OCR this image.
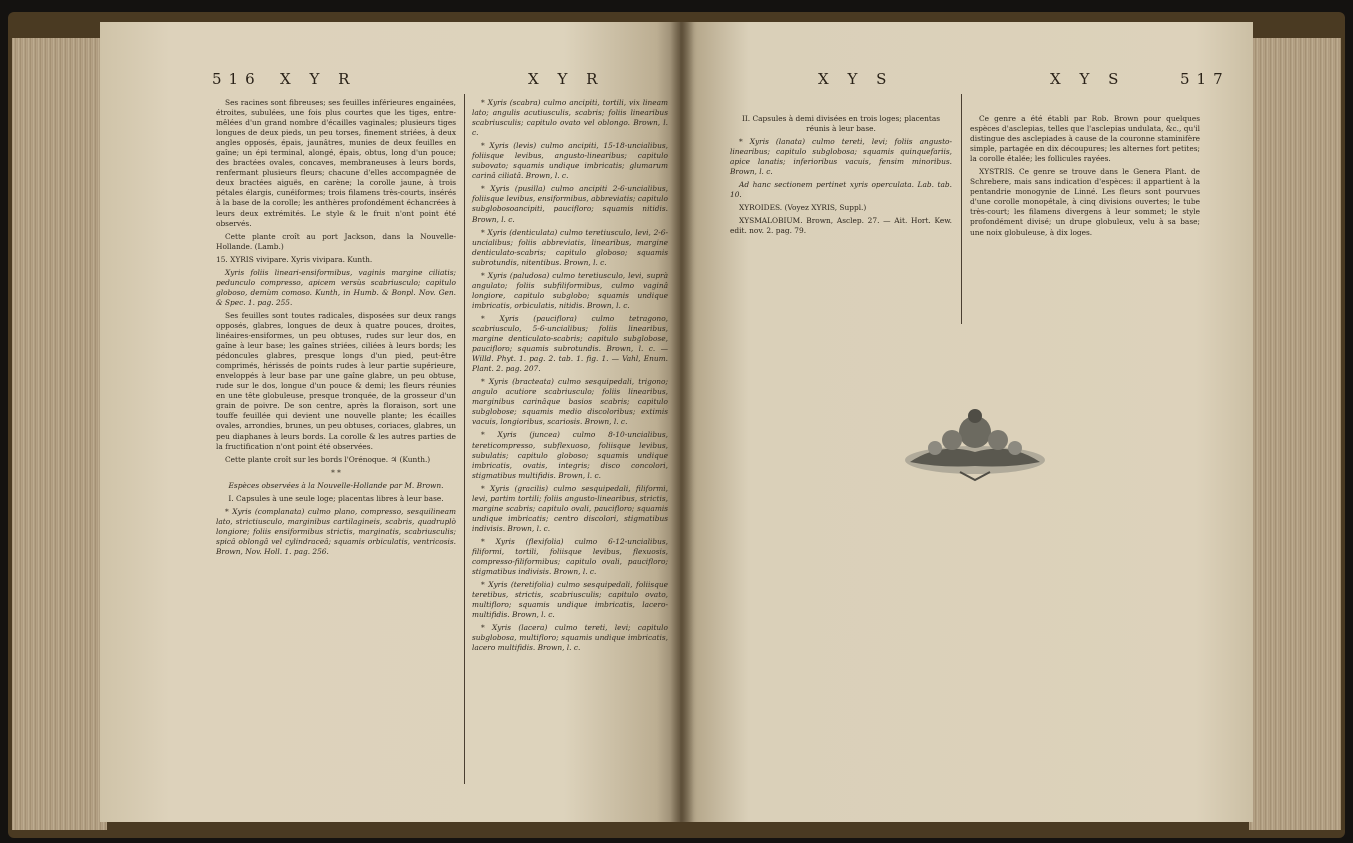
516 X Y R	X Y R

Ses racines sont fibreuses; ses feuilles inférieures engainées, étroites, subulées, une fois plus courtes que les tiges, entre-mêlées d'un grand nombre d'écailles vaginales; plusieurs tiges longues de deux pieds, un peu torses, finement striées, à deux angles opposés, épais, jaunâtres, munies de deux feuilles en gaîne; un épi terminal, alongé, épais, obtus, long d'un pouce; des bractées ovales, concaves, membraneuses à leurs bords, renfermant plusieurs fleurs; chacune d'elles accompagnée de deux bractées aiguës, en carène; la corolle jaune, à trois pétales élargis, cunéiformes; trois filamens très-courts, insérés à la base de la corolle; les anthères profondément échancrées à leurs deux extrémités. Le style & le fruit n'ont point été observés.

Cette plante croît au port Jackson, dans la Nouvelle-Hollande. (Lamb.)

15. XYRIS vivipare. Xyris vivipara. Kunth.

Xyris foliis lineari-ensiformibus, vaginis margine ciliatis; pedunculo compresso, apicem versùs scabriusculo; capitulo globoso, demùm comoso. Kunth, in Humb. & Bonpl. Nov. Gen. & Spec. 1. pag. 255.

Ses feuilles sont toutes radicales, disposées sur deux rangs opposés, glabres, longues de deux à quatre pouces, droites, linéaires-ensiformes, un peu obtuses, rudes sur leur dos, en gaîne à leur base; les gaînes striées, ciliées à leurs bords; les pédoncules glabres, presque longs d'un pied, peut-être comprimés, hérissés de points rudes à leur partie supérieure, enveloppés à leur base par une gaîne glabre, un peu obtuse, rude sur le dos, longue d'un pouce & demi; les fleurs réunies en une tête globuleuse, presque tronquée, de la grosseur d'un grain de poivre. De son centre, après la floraison, sort une touffe feuillée qui devient une nouvelle plante; les écailles ovales, arrondies, brunes, un peu obtuses, coriaces, glabres, un peu diaphanes à leurs bords. La corolle & les autres parties de la fructification n'ont point été observées.

Cette plante croît sur les bords l'Orénoque. ♃ (Kunth.)

* *

Espèces observées à la Nouvelle-Hollande par M. Brown.

I. Capsules à une seule loge; placentas libres à leur base.

* Xyris (complanata) culmo plano, compresso, sesquilineam lato, strictiusculo, marginibus cartilagineis, scabris, quadruplò longiore; foliis ensiformibus strictis, marginatis, scabriusculis; spicâ oblongâ vel cylindraceâ; squamis orbiculatis, ventricosis. Brown, Nov. Holl. 1. pag. 256.

* Xyris (scabra) culmo ancipiti, tortili, vix lineam lato; angulis acutiusculis, scabris; foliis linearibus scabriusculis; capitulo ovato vel oblongo. Brown, l. c.

* Xyris (levis) culmo ancipiti, 15-18-uncialibus, foliisque levibus, angusto-linearibus; capitulo subovato; squamis undique imbricatis; glumarum carinâ ciliatâ. Brown, l. c.

* Xyris (pusilla) culmo ancipiti 2-6-uncialibus, foliisque levibus, ensiformibus, abbreviatis; capitulo subglobosoancipiti, paucifloro; squamis nitidis. Brown, l. c.

* Xyris (denticulata) culmo teretiusculo, levi, 2-6-uncialibus; foliis abbreviatis, linearibus, margine denticulato-scabris; capitulo globoso; squamis subrotundis, nitentibus. Brown, l. c.

* Xyris (paludosa) culmo teretiusculo, levi, suprà angulato; foliis subfiliformibus, culmo vaginâ longiore, capitulo subglobo; squamis undique imbricatis, orbiculatis, nitidis. Brown, l. c.

* Xyris (pauciflora) culmo tetragono, scabriusculo, 5-6-uncialibus; foliis linearibus, margine denticulato-scabris; capitulo subglobose, paucifloro; squamis subrotundis. Brown, l. c. — Willd. Phyt. 1. pag. 2. tab. 1. fig. 1. — Vahl, Enum. Plant. 2. pag. 207.

* Xyris (bracteata) culmo sesquipedali, trigono; angulo acutiore scabriusculo; foliis linearibus, marginibus carinâque basios scabris; capitulo subglobose; squamis medio discoloribus; extimis vacuis, longioribus, scariosis. Brown, l. c.

* Xyris (juncea) culmo 8-10-uncialibus, tereticompresso, subflexuoso, foliisque levibus, subulatis; capitulo globoso; squamis undique imbricatis, ovatis, integris; disco concolori, stigmatibus multifidis. Brown, l. c.

* Xyris (gracilis) culmo sesquipedali, filiformi, levi, partim tortili; foliis angusto-linearibus, strictis, margine scabris; capitulo ovali, paucifloro; squamis undique imbricatis; centro discolori, stigmatibus indivisis. Brown, l. c.

* Xyris (flexifolia) culmo 6-12-uncialibus, filiformi, tortili, foliisque levibus, flexuosis, compresso-filiformibus; capitulo ovali, paucifloro; stigmatibus indivisis. Brown, l. c.

* Xyris (teretifolia) culmo sesquipedali, foliisque teretibus, strictis, scabriusculis; capitulo ovato, multifloro; squamis undique imbricatis, lacero-multifidis. Brown, l. c.

* Xyris (lacera) culmo tereti, levi; capitulo subglobosa, multifloro; squamis undique imbricatis, lacero multifidis. Brown, l. c.

X Y S	X Y S	517

II. Capsules à demi divisées en trois loges; placentas réunis à leur base.

* Xyris (lanata) culmo tereti, levi; foliis angusto-linearibus; capitulo subglobosa; squamis quinquefariis, apice lanatis; inferioribus vacuis, fensim minoribus. Brown, l. c.

Ad hanc sectionem pertinet xyris operculata. Lab. tab. 10.

XYROIDES. (Voyez XYRIS, Suppl.)

XYSMALOBIUM. Brown, Asclep. 27. — Ait. Hort. Kew. edit. nov. 2. pag. 79.

Ce genre a été établi par Rob. Brown pour quelques espèces d'asclepias, telles que l'asclepias undulata, &c., qu'il distingue des asclepiades à cause de la couronne staminifère simple, partagée en dix découpures; les alternes fort petites; la corolle étalée; les follicules rayées.

XYSTRIS. Ce genre se trouve dans le Genera Plant. de Schrebere, mais sans indication d'espèces: il appartient à la pentandrie monogynie de Linné. Les fleurs sont pourvues d'une corolle monopétale, à cinq divisions ouvertes; le tube très-court; les filamens divergens à leur sommet; le style profondément divisé; un drupe globuleux, velu à sa base; une noix globuleuse, à dix loges.
